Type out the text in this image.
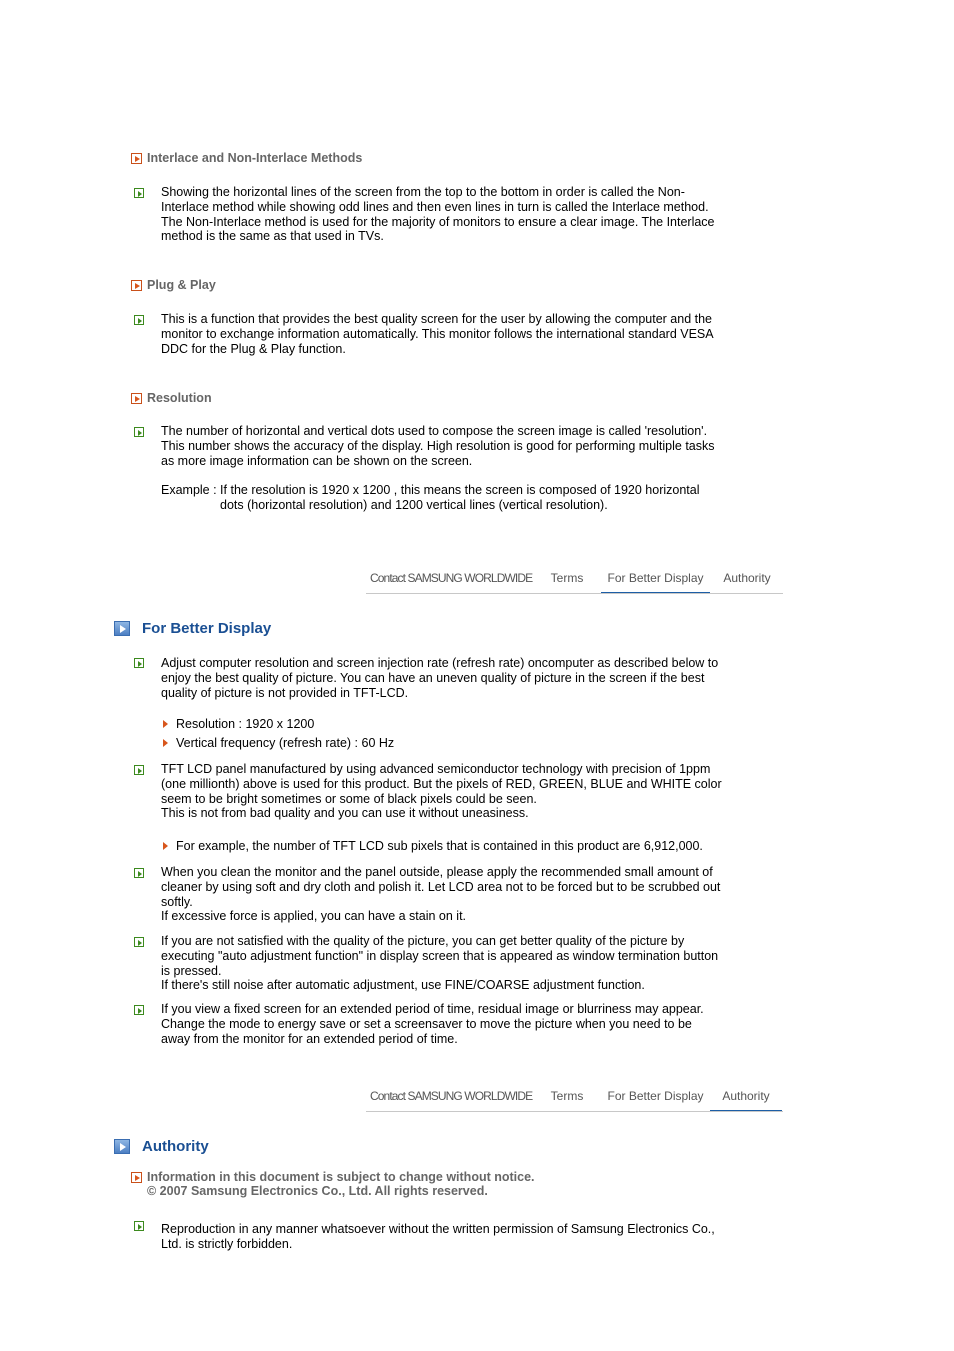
Interlace and Non-Interlace Methods

Showing the horizontal lines of the screen from the top to the bottom in order is called the Non-

Interlace method while showing odd lines and then even lines in turn is called the Interlace method.

The Non-Interlace method is used for the majority of monitors to ensure a clear image. The Interlace

method is the same as that used in TVs.

Plug & Play

This is a function that provides the best quality screen for the user by allowing the computer and the

monitor to exchange information automatically. This monitor follows the international standard VESA

DDC for the Plug & Play function.

Resolution

The number of horizontal and vertical dots used to compose the screen image is called 'resolution'.

This number shows the accuracy of the display. High resolution is good for performing multiple tasks

as more image information can be shown on the screen.

Example : If the resolution is 1920 x 1200 , this means the screen is composed of 1920 horizontal
dots (horizontal resolution) and 1200 vertical lines (vertical resolution).
Contact SAMSUNG WORLDWIDE	Terms	For Better Display	Authority
For Better Display

Adjust computer resolution and screen injection rate (refresh rate) oncomputer as described below to

enjoy the best quality of picture. You can have an uneven quality of picture in the screen if the best

quality of picture is not provided in TFT-LCD.

Resolution : 1920 x 1200
Vertical frequency (refresh rate) : 60 Hz

TFT LCD panel manufactured by using advanced semiconductor technology with precision of 1ppm

(one millionth) above is used for this product. But the pixels of RED, GREEN, BLUE and WHITE color

seem to be bright sometimes or some of black pixels could be seen.

This is not from bad quality and you can use it without uneasiness.

For example, the number of TFT LCD sub pixels that is contained in this product are 6,912,000.

When you clean the monitor and the panel outside, please apply the recommended small amount of

cleaner by using soft and dry cloth and polish it. Let LCD area not to be forced but to be scrubbed out

softly.

If excessive force is applied, you can have a stain on it.

If you are not satisfied with the quality of the picture, you can get better quality of the picture by

executing "auto adjustment function" in display screen that is appeared as window termination button

is pressed.

If there's still noise after automatic adjustment, use FINE/COARSE adjustment function.

If you view a fixed screen for an extended period of time, residual image or blurriness may appear.

Change the mode to energy save or set a screensaver to move the picture when you need to be

away from the monitor for an extended period of time.

Contact SAMSUNG WORLDWIDE	Terms	For Better Display	Authority
Authority
Information in this document is subject to change without notice.
© 2007 Samsung Electronics Co., Ltd. All rights reserved.

Reproduction in any manner whatsoever without the written permission of Samsung Electronics Co.,

Ltd. is strictly forbidden.
